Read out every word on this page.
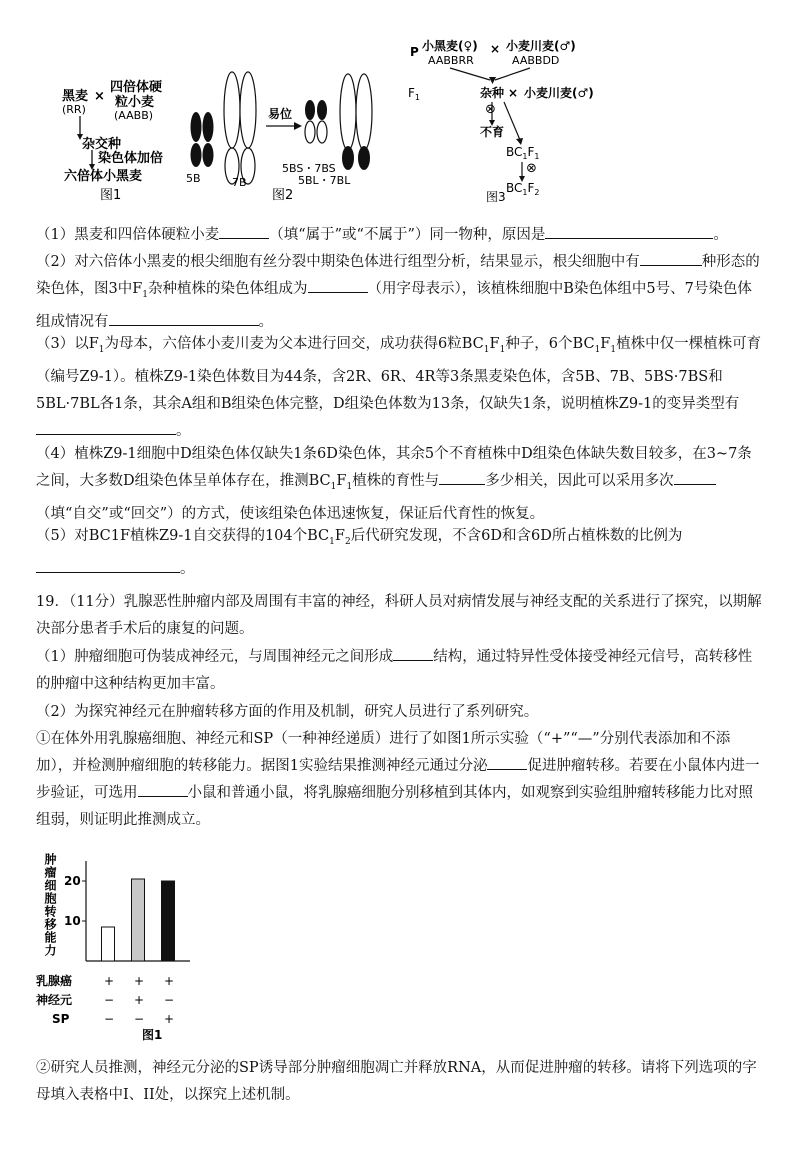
黑麦
(RR)
×
四倍体硬
粒小麦
(AABB)
杂交种
染色体加倍
六倍体小黑麦
图1
5B	7B
易位
5BS・7BS
5BL・7BL
图2
P 小黑麦(♀)
AABBRR
× 小麦川麦(♂)
AABBDD
$F_1$	杂种 × 小麦川麦(♂)
⊗
不育
$BC_1F_1$
⊗
$BC_1F_2$
图3

（1）黑麦和四倍体硬粒小麦	（填“属于”或“不属于”）同一物种，原因是	。

（2）对六倍体小黑麦的根尖细胞有丝分裂中期染色体进行组型分析，结果显示，根尖细胞中有	种形态的染色体，图3中$F_1$杂种植株的染色体组成为	（用字母表示），该植株细胞中B染色体组中5号、7号染色体组成情况有	。

（3）以$F_1$为母本，六倍体小麦川麦为父本进行回交，成功获得6粒$BC_1F_1$种子，6个$BC_1F_1$植株中仅一棵植株可育（编号Z9-1）。植株Z9-1染色体数目为44条，含2R、6R、4R等3条黑麦染色体，含5B、7B、5BS·7BS和5BL·7BL各1条，其余A组和B组染色体完整，D组染色体数为13条，仅缺失1条，说明植株Z9-1的变异类型有。

（4）植株Z9-1细胞中D组染色体仅缺失1条6D染色体，其余5个不育植株中D组染色体缺失数目较多，在3~7条之间，大多数D组染色体呈单体存在，推测$BC_1F_1$植株的育性与	多少相关，因此可以采用多次（填“自交”或“回交”）的方式，使该组染色体迅速恢复，保证后代育性的恢复。

（5）对BC1F植株Z9-1自交获得的104个$BC_1F_2$后代研究发现，不含6D和含6D所占植株数的比例为
。

19．（11分）乳腺恶性肿瘤内部及周围有丰富的神经，科研人员对病情发展与神经支配的关系进行了探究，以期解决部分患者手术后的康复的问题。

（1）肿瘤细胞可伪装成神经元，与周围神经元之间形成	结构，通过特异性受体接受神经元信号，高转移性的肿瘤中这种结构更加丰富。

（2）为探究神经元在肿瘤转移方面的作用及机制，研究人员进行了系列研究。

①在体外用乳腺癌细胞、神经元和SP（一种神经递质）进行了如图1所示实验（“+”“—”分别代表添加和不添加），并检测肿瘤细胞的转移能力。据图1实验结果推测神经元通过分泌	促进肿瘤转移。若要在小鼠体内进一步验证，可选用	小鼠和普通小鼠，将乳腺癌细胞分别移植到其体内，如观察到实验组肿瘤转移能力比对照组弱，则证明此推测成立。

肿瘤细胞转移能力 10
20
乳腺癌	+ + +
神经元	− + −
SP	− − +
图1

②研究人员推测，神经元分泌的SP诱导部分肿瘤细胞凋亡并释放RNA，从而促进肿瘤的转移。请将下列选项的字母填入表格中I、II处，以探究上述机制。
